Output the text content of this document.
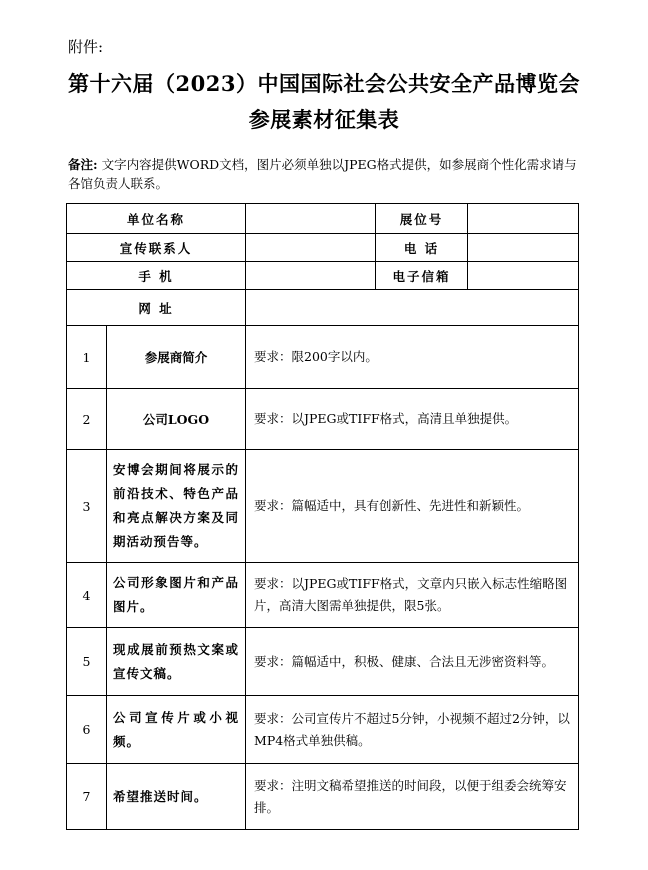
附件:
第十六届（2023）中国国际社会公共安全产品博览会
参展素材征集表
备注: 文字内容提供WORD文档，图片必须单独以JPEG格式提供，如参展商个性化需求请与各馆负责人联系。
单位名称			展位号	
宣传联系人			电 话	
手 机			电子信箱	
网 址				
1	参展商简介	要求：限200字以内。		
2	公司LOGO	要求：以JPEG或TIFF格式，高清且单独提供。		
3	安博会期间将展示的前沿技术、特色产品和亮点解决方案及同期活动预告等。	要求：篇幅适中，具有创新性、先进性和新颖性。		
4	公司形象图片和产品图片。	要求：以JPEG或TIFF格式，文章内只嵌入标志性缩略图片，高清大图需单独提供，限5张。		
5	现成展前预热文案或宣传文稿。	要求：篇幅适中，积极、健康、合法且无涉密资料等。		
6	公司宣传片或小视频。	要求：公司宣传片不超过5分钟，小视频不超过2分钟，以MP4格式单独供稿。		
7	希望推送时间。	要求：注明文稿希望推送的时间段，以便于组委会统筹安排。		
